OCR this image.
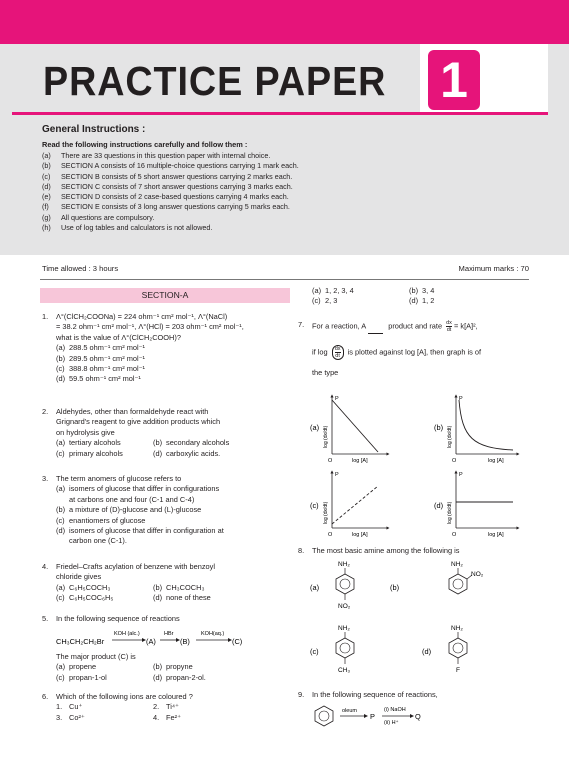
PRACTICE PAPER 1
General Instructions :
Read the following instructions carefully and follow them :
(a) There are 33 questions in this question paper with internal choice.
(b) SECTION A consists of 16 multiple-choice questions carrying 1 mark each.
(c) SECTION B consists of 5 short answer questions carrying 2 marks each.
(d) SECTION C consists of 7 short answer questions carrying 3 marks each.
(e) SECTION D consists of 2 case-based questions carrying 4 marks each.
(f) SECTION E consists of 3 long answer questions carrying 5 marks each.
(g) All questions are compulsory.
(h) Use of log tables and calculators is not allowed.
Time allowed : 3 hours	Maximum marks : 70
SECTION-A
1. Λ°(ClCH₂COONa) = 224 ohm⁻¹ cm² mol⁻¹, Λ°(NaCl)
= 38.2 ohm⁻¹ cm² mol⁻¹, Λ°(HCl) = 203 ohm⁻¹ cm² mol⁻¹,
what is the value of Λ°(ClCH₂COOH)?
(a) 288.5 ohm⁻¹ cm² mol⁻¹
(b) 289.5 ohm⁻¹ cm² mol⁻¹
(c) 388.8 ohm⁻¹ cm² mol⁻¹
(d) 59.5 ohm⁻¹ cm² mol⁻¹
2. Aldehydes, other than formaldehyde react with
Grignard's reagent to give addition products which
on hydrolysis give
(a) tertiary alcohols	(b) secondary alcohols
(c) primary alcohols	(d) carboxylic acids.
3. The term anomers of glucose refers to
(a) isomers of glucose that differ in configurations
at carbons one and four (C-1 and C-4)
(b) a mixture of (D)-glucose and (L)-glucose
(c) enantiomers of glucose
(d) isomers of glucose that differ in configuration at
carbon one (C-1).
4. Friedel–Crafts acylation of benzene with benzoyl
chloride gives
(a) C₆H₅COCH₃	(b) CH₃COCH₃
(c) C₆H₅COC₆H₅	(d) none of these
5. In the following sequence of reactions
CH₃CH₂CH₂Br
KOH (alc.)
(A)
HBr
(B)
KOH(aq.)
(C)
The major product (C) is
(a) propene	(b) propyne
(c) propan-1-ol	(d) propan-2-ol.
6. Which of the following ions are coloured ?
1. Cu⁺	2. Ti⁴⁺
3. Co²⁺	4. Fe²⁺
(a) 1, 2, 3, 4	(b) 3, 4
(c) 2, 3	(d) 1, 2
7. For a reaction, A	product and rate $\frac{dx}{dt} = k[A]^2$,
if $\log \frac{dx}{dt}$ is plotted against log [A], then graph is of
the type
(a)
P
O	log [A]
log (dx/dt)	(b)
P
O	log [A]
log (dx/dt)
(c)
P
O	log [A]
log (dx/dt)	(d)
P
O	log [A]
log (dx/dt)
8. The most basic amine among the following is
(a)
NH₂
NO₂
(b)
NH₂
NO₂
(c)
NH₂
CH₃
(d)
NH₂
F
9. In the following sequence of reactions,
oleum
P
(i) NaOH
(ii) H⁺
Q
